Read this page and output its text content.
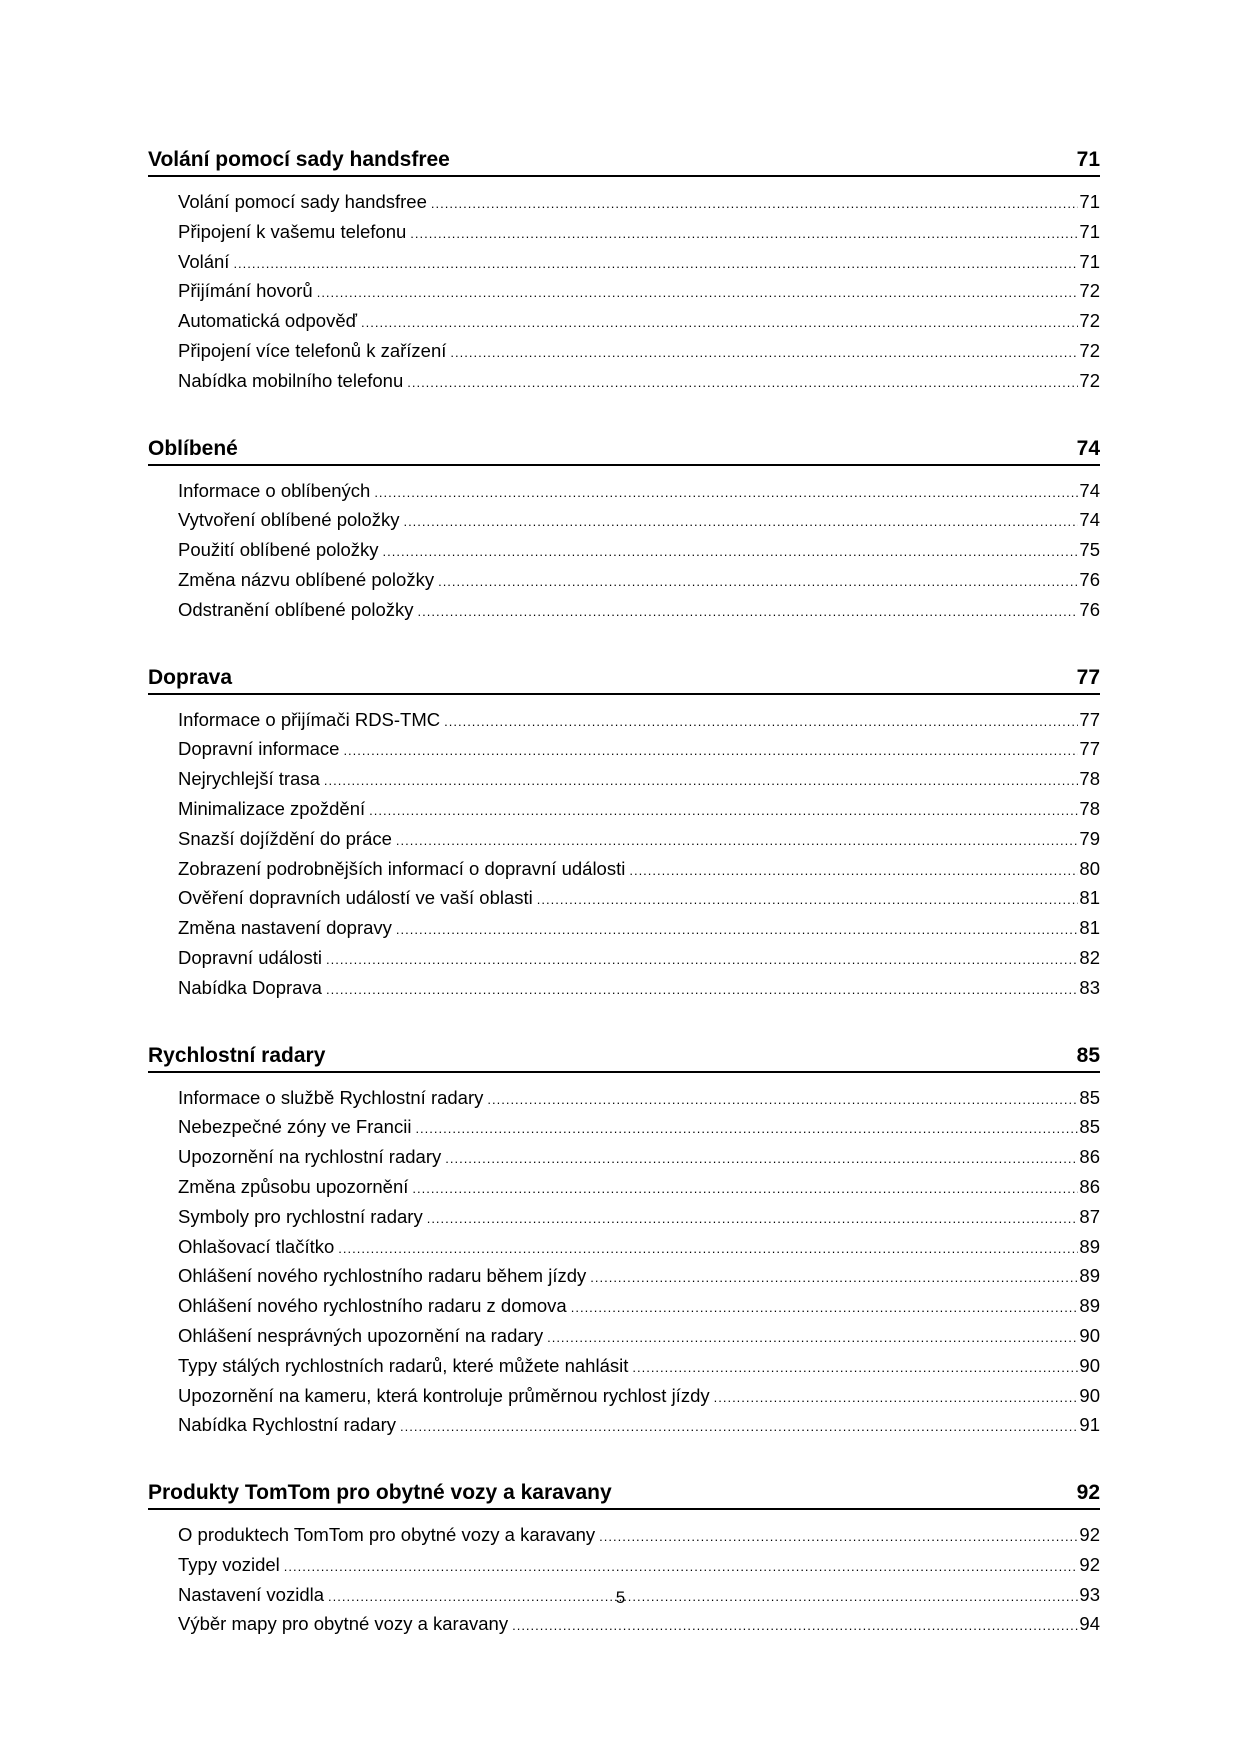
Volání pomocí sady handsfree	71
Volání pomocí sady handsfree .....	71
Připojení k vašemu telefonu .....	71
Volání .....	71
Přijímání hovorů .....	72
Automatická odpověď .....	72
Připojení více telefonů k zařízení .....	72
Nabídka mobilního telefonu .....	72
Oblíbené	74
Informace o oblíbených .....	74
Vytvoření oblíbené položky .....	74
Použití oblíbené položky .....	75
Změna názvu oblíbené položky .....	76
Odstranění oblíbené položky .....	76
Doprava	77
Informace o přijímači RDS-TMC .....	77
Dopravní informace .....	77
Nejrychlejší trasa .....	78
Minimalizace zpoždění .....	78
Snazší dojíždění do práce .....	79
Zobrazení podrobnějších informací o dopravní události .....	80
Ověření dopravních událostí ve vaší oblasti .....	81
Změna nastavení dopravy .....	81
Dopravní události .....	82
Nabídka Doprava .....	83
Rychlostní radary	85
Informace o službě Rychlostní radary .....	85
Nebezpečné zóny ve Francii .....	85
Upozornění na rychlostní radary .....	86
Změna způsobu upozornění .....	86
Symboly pro rychlostní radary .....	87
Ohlašovací tlačítko .....	89
Ohlášení nového rychlostního radaru během jízdy .....	89
Ohlášení nového rychlostního radaru z domova .....	89
Ohlášení nesprávných upozornění na radary .....	90
Typy stálých rychlostních radarů, které můžete nahlásit .....	90
Upozornění na kameru, která kontroluje průměrnou rychlost jízdy .....	90
Nabídka Rychlostní radary .....	91
Produkty TomTom pro obytné vozy a karavany	92
O produktech TomTom pro obytné vozy a karavany .....	92
Typy vozidel .....	92
Nastavení vozidla .....	93
Výběr mapy pro obytné vozy a karavany .....	94
5
